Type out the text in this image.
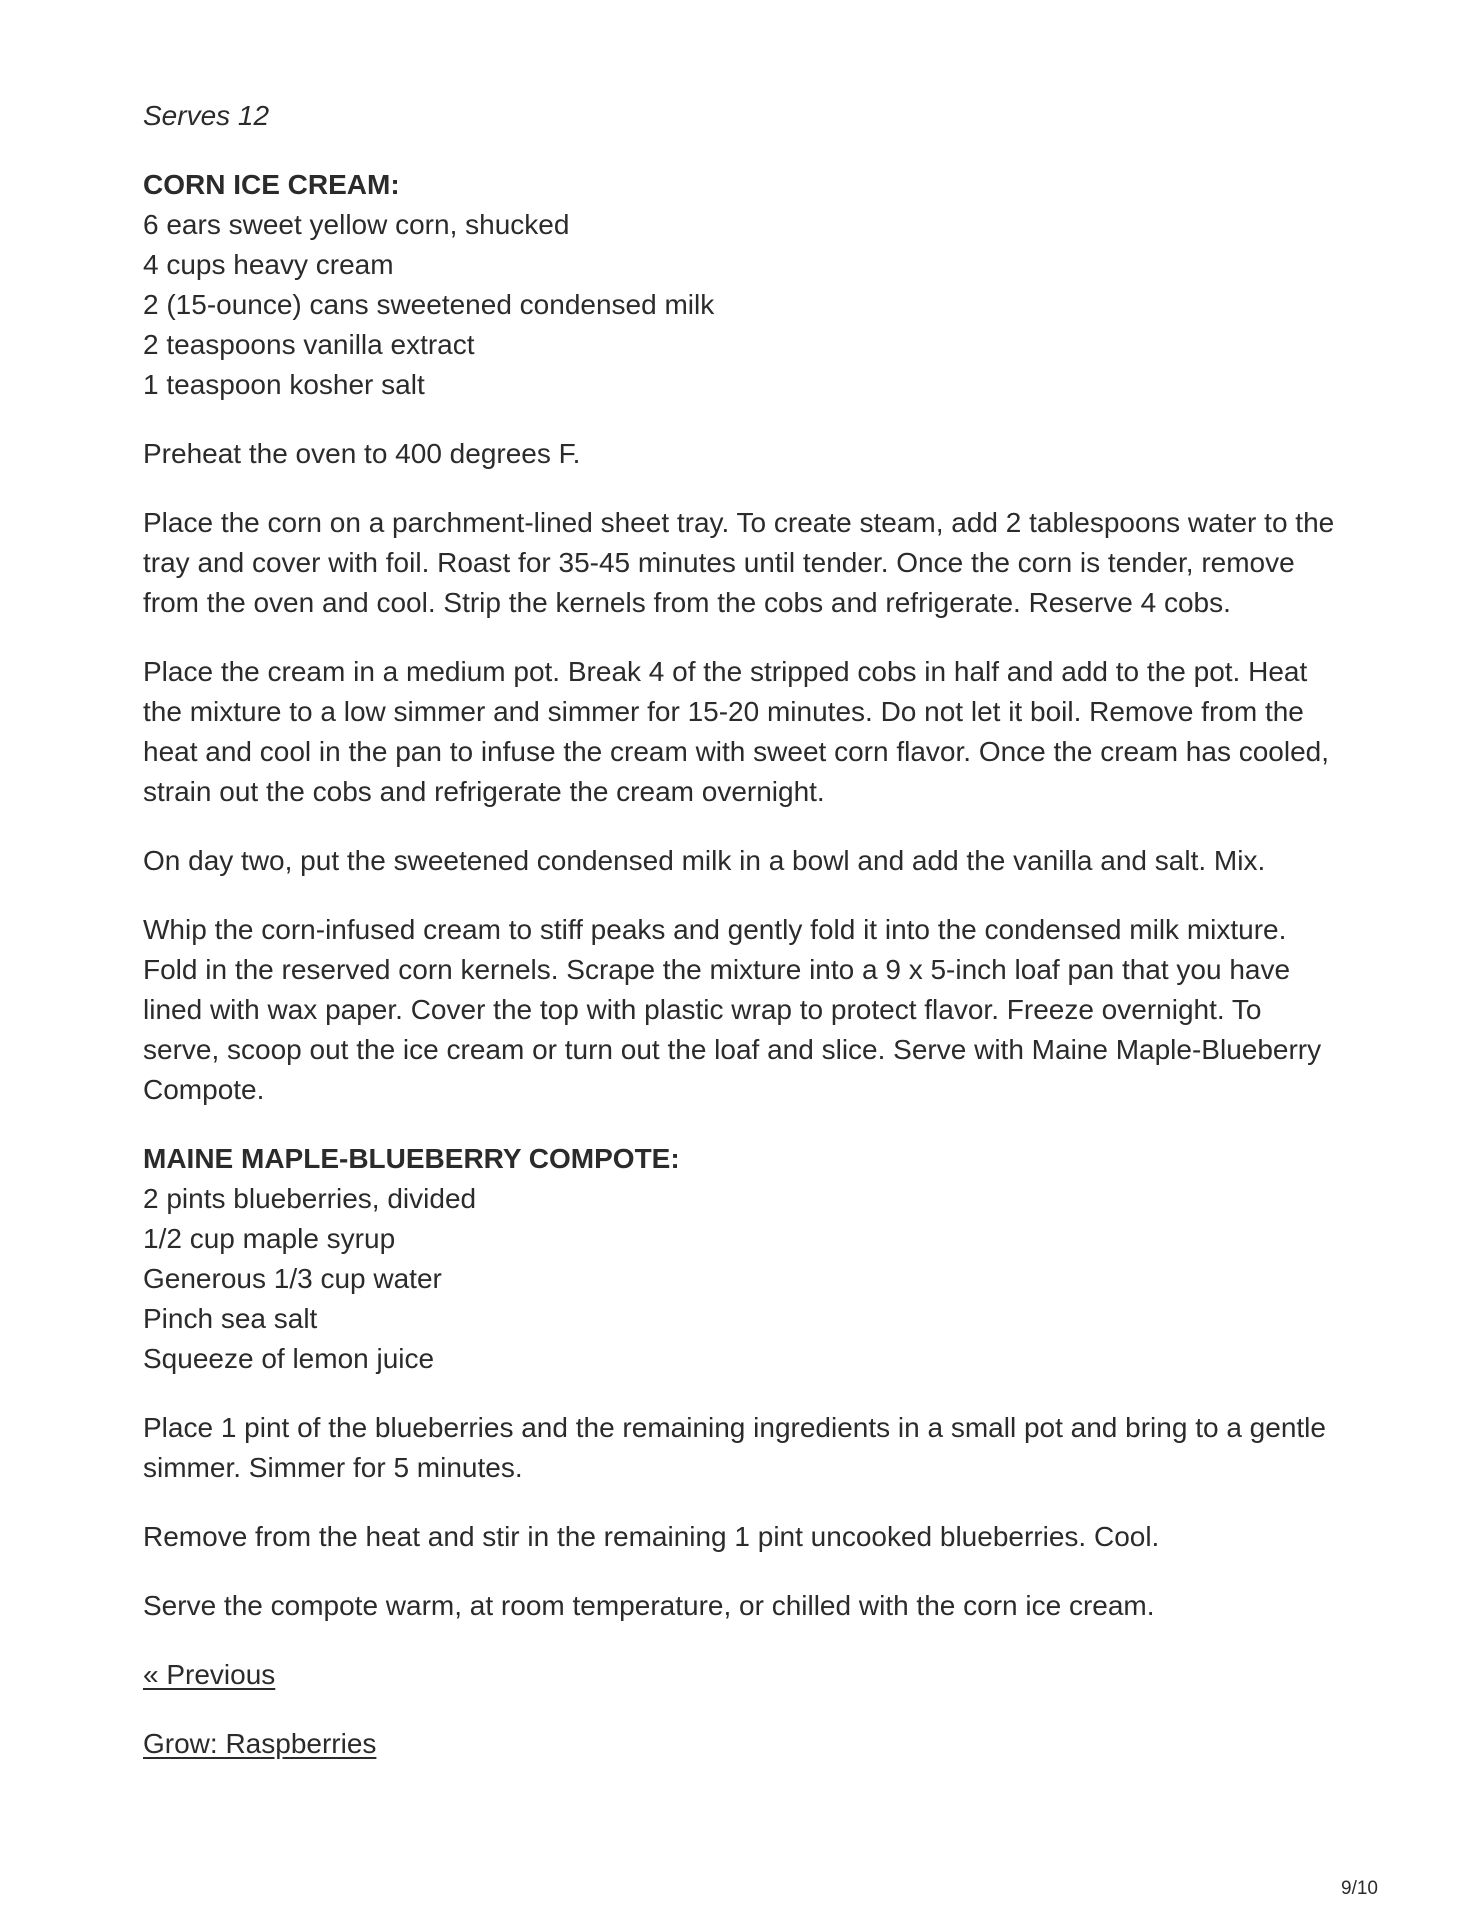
Serves 12

CORN ICE CREAM:

6 ears sweet yellow corn, shucked
4 cups heavy cream
2 (15-ounce) cans sweetened condensed milk
2 teaspoons vanilla extract
1 teaspoon kosher salt

Preheat the oven to 400 degrees F.

Place the corn on a parchment-lined sheet tray. To create steam, add 2 tablespoons water to the tray and cover with foil. Roast for 35-45 minutes until tender. Once the corn is tender, remove from the oven and cool. Strip the kernels from the cobs and refrigerate. Reserve 4 cobs.

Place the cream in a medium pot. Break 4 of the stripped cobs in half and add to the pot. Heat the mixture to a low simmer and simmer for 15-20 minutes. Do not let it boil. Remove from the heat and cool in the pan to infuse the cream with sweet corn flavor. Once the cream has cooled, strain out the cobs and refrigerate the cream overnight.

On day two, put the sweetened condensed milk in a bowl and add the vanilla and salt. Mix.

Whip the corn-infused cream to stiff peaks and gently fold it into the condensed milk mixture. Fold in the reserved corn kernels. Scrape the mixture into a 9 x 5-inch loaf pan that you have lined with wax paper. Cover the top with plastic wrap to protect flavor. Freeze overnight. To serve, scoop out the ice cream or turn out the loaf and slice. Serve with Maine Maple-Blueberry Compote.

MAINE MAPLE-BLUEBERRY COMPOTE:

2 pints blueberries, divided
1/2 cup maple syrup
Generous 1/3 cup water
Pinch sea salt
Squeeze of lemon juice

Place 1 pint of the blueberries and the remaining ingredients in a small pot and bring to a gentle simmer. Simmer for 5 minutes.

Remove from the heat and stir in the remaining 1 pint uncooked blueberries. Cool.

Serve the compote warm, at room temperature, or chilled with the corn ice cream.

« Previous
Grow: Raspberries
9/10
